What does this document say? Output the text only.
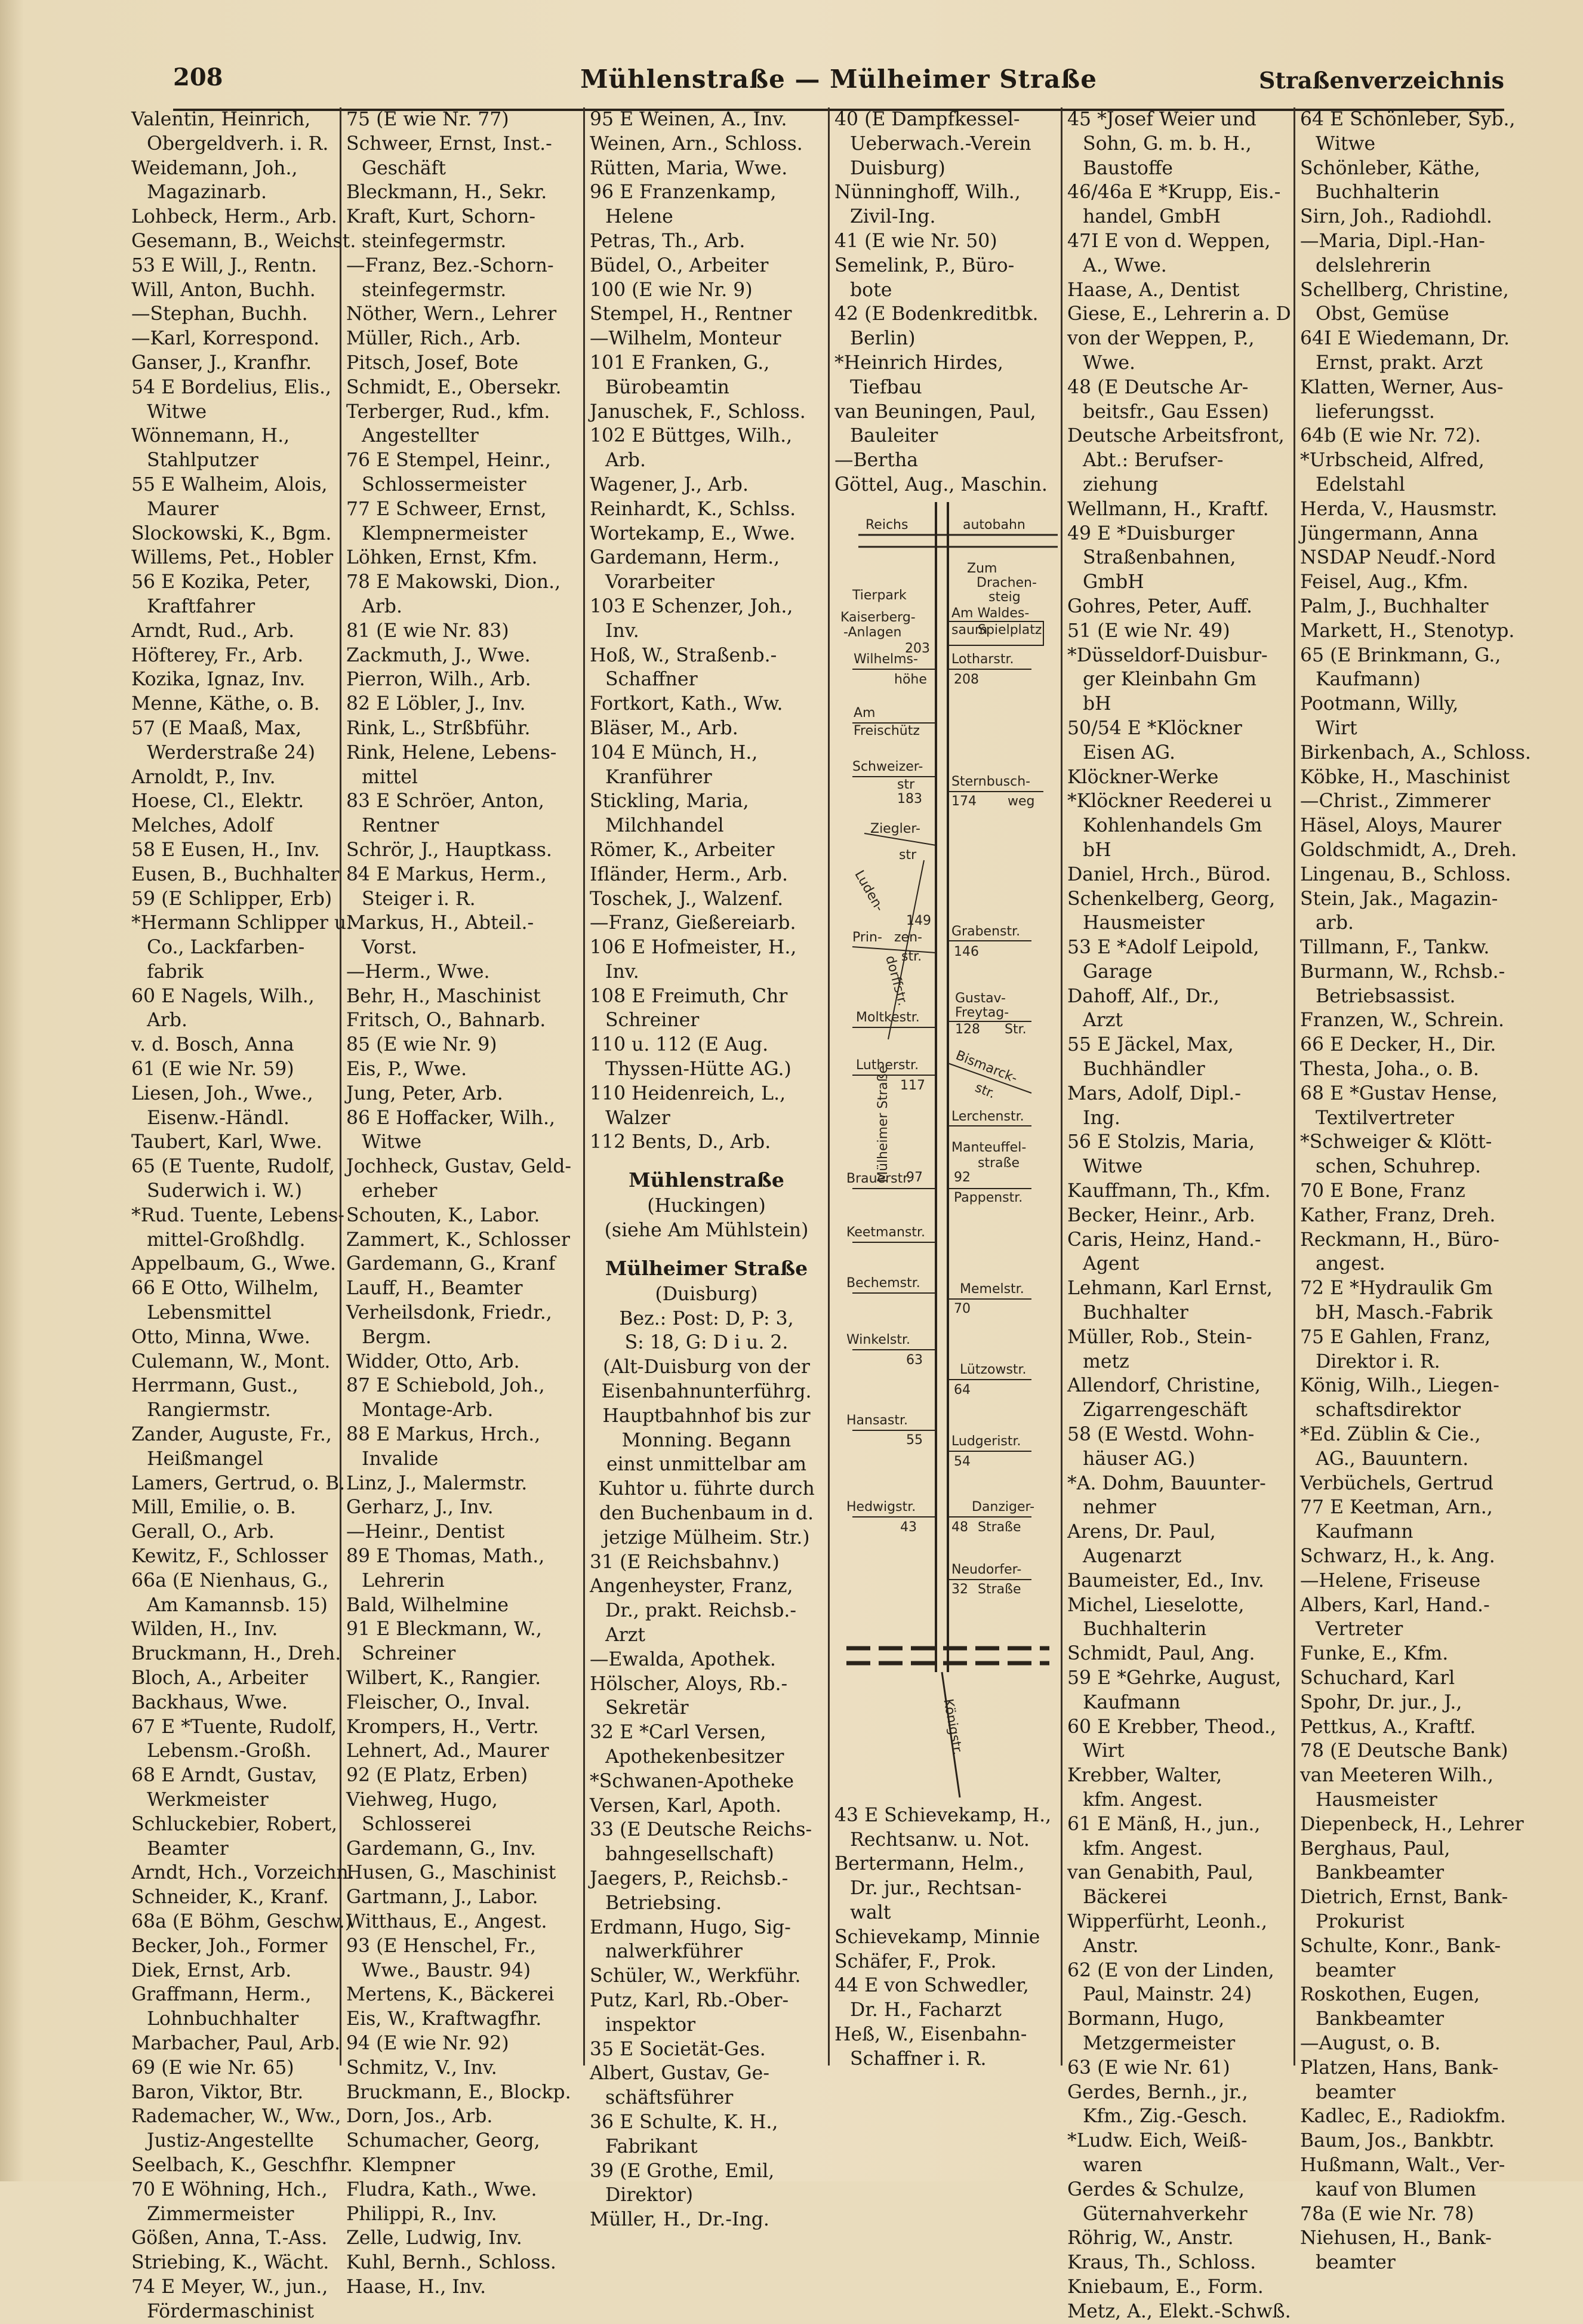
208	Mühlenstraße — Mülheimer Straße	Straßenverzeichnis
Valentin, Heinrich,
Obergeldverh. i. R.
Weidemann, Joh.,
Magazinarb.
Lohbeck, Herm., Arb.
Gesemann, B., Weichst.
53 E Will, J., Rentn.
Will, Anton, Buchh.
—Stephan, Buchh.
—Karl, Korrespond.
Ganser, J., Kranfhr.
54 E Bordelius, Elis.,
Witwe
Wönnemann, H.,
Stahlputzer
55 E Walheim, Alois,
Maurer
Slockowski, K., Bgm.
Willems, Pet., Hobler
56 E Kozika, Peter,
Kraftfahrer
Arndt, Rud., Arb.
Höfterey, Fr., Arb.
Kozika, Ignaz, Inv.
Menne, Käthe, o. B.
57 (E Maaß, Max,
Werderstraße 24)
Arnoldt, P., Inv.
Hoese, Cl., Elektr.
Melches, Adolf
58 E Eusen, H., Inv.
Eusen, B., Buchhalter
59 (E Schlipper, Erb)
*Hermann Schlipper u.
Co., Lackfarben-
fabrik
60 E Nagels, Wilh.,
Arb.
v. d. Bosch, Anna
61 (E wie Nr. 59)
Liesen, Joh., Wwe.,
Eisenw.-Händl.
Taubert, Karl, Wwe.
65 (E Tuente, Rudolf,
Suderwich i. W.)
*Rud. Tuente, Lebens-
mittel-Großhdlg.
Appelbaum, G., Wwe.
66 E Otto, Wilhelm,
Lebensmittel
Otto, Minna, Wwe.
Culemann, W., Mont.
Herrmann, Gust.,
Rangiermstr.
Zander, Auguste, Fr.,
Heißmangel
Lamers, Gertrud, o. B.
Mill, Emilie, o. B.
Gerall, O., Arb.
Kewitz, F., Schlosser
66a (E Nienhaus, G.,
Am Kamannsb. 15)
Wilden, H., Inv.
Bruckmann, H., Dreh.
Bloch, A., Arbeiter
Backhaus, Wwe.
67 E *Tuente, Rudolf,
Lebensm.-Großh.
68 E Arndt, Gustav,
Werkmeister
Schluckebier, Robert,
Beamter
Arndt, Hch., Vorzeichn.
Schneider, K., Kranf.
68a (E Böhm, Geschw.)
Becker, Joh., Former
Diek, Ernst, Arb.
Graffmann, Herm.,
Lohnbuchhalter
Marbacher, Paul, Arb.
69 (E wie Nr. 65)
Baron, Viktor, Btr.
Rademacher, W., Ww.,
Justiz-Angestellte
Seelbach, K., Geschfhr.
70 E Wöhning, Hch.,
Zimmermeister
Gößen, Anna, T.-Ass.
Striebing, K., Wächt.
74 E Meyer, W., jun.,
Fördermaschinist
75 (E wie Nr. 77)
Schweer, Ernst, Inst.-
Geschäft
Bleckmann, H., Sekr.
Kraft, Kurt, Schorn-
steinfegermstr.
—Franz, Bez.-Schorn-
steinfegermstr.
Nöther, Wern., Lehrer
Müller, Rich., Arb.
Pitsch, Josef, Bote
Schmidt, E., Obersekr.
Terberger, Rud., kfm.
Angestellter
76 E Stempel, Heinr.,
Schlossermeister
77 E Schweer, Ernst,
Klempnermeister
Löhken, Ernst, Kfm.
78 E Makowski, Dion.,
Arb.
81 (E wie Nr. 83)
Zackmuth, J., Wwe.
Pierron, Wilh., Arb.
82 E Löbler, J., Inv.
Rink, L., Strßbführ.
Rink, Helene, Lebens-
mittel
83 E Schröer, Anton,
Rentner
Schrör, J., Hauptkass.
84 E Markus, Herm.,
Steiger i. R.
Markus, H., Abteil.-
Vorst.
—Herm., Wwe.
Behr, H., Maschinist
Fritsch, O., Bahnarb.
85 (E wie Nr. 9)
Eis, P., Wwe.
Jung, Peter, Arb.
86 E Hoffacker, Wilh.,
Witwe
Jochheck, Gustav, Geld-
erheber
Schouten, K., Labor.
Zammert, K., Schlosser
Gardemann, G., Kranf
Lauff, H., Beamter
Verheilsdonk, Friedr.,
Bergm.
Widder, Otto, Arb.
87 E Schiebold, Joh.,
Montage-Arb.
88 E Markus, Hrch.,
Invalide
Linz, J., Malermstr.
Gerharz, J., Inv.
—Heinr., Dentist
89 E Thomas, Math.,
Lehrerin
Bald, Wilhelmine
91 E Bleckmann, W.,
Schreiner
Wilbert, K., Rangier.
Fleischer, O., Inval.
Krompers, H., Vertr.
Lehnert, Ad., Maurer
92 (E Platz, Erben)
Viehweg, Hugo,
Schlosserei
Gardemann, G., Inv.
Husen, G., Maschinist
Gartmann, J., Labor.
Witthaus, E., Angest.
93 (E Henschel, Fr.,
Wwe., Baustr. 94)
Mertens, K., Bäckerei
Eis, W., Kraftwagfhr.
94 (E wie Nr. 92)
Schmitz, V., Inv.
Bruckmann, E., Blockp.
Dorn, Jos., Arb.
Schumacher, Georg,
Klempner
Fludra, Kath., Wwe.
Philippi, R., Inv.
Zelle, Ludwig, Inv.
Kuhl, Bernh., Schloss.
Haase, H., Inv.
95 E Weinen, A., Inv.
Weinen, Arn., Schloss.
Rütten, Maria, Wwe.
96 E Franzenkamp,
Helene
Petras, Th., Arb.
Büdel, O., Arbeiter
100 (E wie Nr. 9)
Stempel, H., Rentner
—Wilhelm, Monteur
101 E Franken, G.,
Bürobeamtin
Januschek, F., Schloss.
102 E Büttges, Wilh.,
Arb.
Wagener, J., Arb.
Reinhardt, K., Schlss.
Wortekamp, E., Wwe.
Gardemann, Herm.,
Vorarbeiter
103 E Schenzer, Joh.,
Inv.
Hoß, W., Straßenb.-
Schaffner
Fortkort, Kath., Ww.
Bläser, M., Arb.
104 E Münch, H.,
Kranführer
Stickling, Maria,
Milchhandel
Römer, K., Arbeiter
Ifländer, Herm., Arb.
Toschek, J., Walzenf.
—Franz, Gießereiarb.
106 E Hofmeister, H.,
Inv.
108 E Freimuth, Chr
Schreiner
110 u. 112 (E Aug.
Thyssen-Hütte AG.)
110 Heidenreich, L.,
Walzer
112 Bents, D., Arb.
Mühlenstraße
(Huckingen)
(siehe Am Mühlstein)
Mülheimer Straße
(Duisburg)
Bez.: Post: D, P: 3,
S: 18, G: D i u. 2.
(Alt-Duisburg von der
Eisenbahnunterführg.
Hauptbahnhof bis zur
Monning. Begann
einst unmittelbar am
Kuhtor u. führte durch
den Buchenbaum in d.
jetzige Mülheim. Str.)
31 (E Reichsbahnv.)
Angenheyster, Franz,
Dr., prakt. Reichsb.-
Arzt
—Ewalda, Apothek.
Hölscher, Aloys, Rb.-
Sekretär
32 E *Carl Versen,
Apothekenbesitzer
*Schwanen-Apotheke
Versen, Karl, Apoth.
33 (E Deutsche Reichs-
bahngesellschaft)
Jaegers, P., Reichsb.-
Betriebsing.
Erdmann, Hugo, Sig-
nalwerkführer
Schüler, W., Werkführ.
Putz, Karl, Rb.-Ober-
inspektor
35 E Societät-Ges.
Albert, Gustav, Ge-
schäftsführer
36 E Schulte, K. H.,
Fabrikant
39 (E Grothe, Emil,
Direktor)
Müller, H., Dr.-Ing.
40 (E Dampfkessel-
Ueberwach.-Verein
Duisburg)
Nünninghoff, Wilh.,
Zivil-Ing.
41 (E wie Nr. 50)
Semelink, P., Büro-
bote
42 (E Bodenkreditbk.
Berlin)
*Heinrich Hirdes,
Tiefbau
van Beuningen, Paul,
Bauleiter
—Bertha
Göttel, Aug., Maschin.
Reichs	autobahn
Tierpark
Kaiserberg-
-Anlagen
203
Zum
Drachen-
steig
Am Waldes-
saum
Spielplatz
Wilhelms-
höhe
Lotharstr.
208
Am
Freischütz
Schweizer-
str
183
Sternbusch-
174 weg
Ziegler-
str
Luden-
dorffstr.
Prin- zen-
str.
149
Grabenstr.
146
Gustav-
Freytag-
128 Str.
Moltkestr.
Lutherstr.
117 Bismarck-
str.
Lerchenstr.
Manteuffel-
straße
97 92
Brauerstr.
Pappenstr.
Mülheimer Straße
Keetmanstr.
Bechemstr.	Memelstr.
70
Winkelstr.
63
Lützowstr.
64
Hansastr.
55 Ludgeristr.
54
Hedwigstr.
43
Danziger-
48 Straße
Neudorfer-
32 Straße
Königstr.
43 E Schievekamp, H.,
Rechtsanw. u. Not.
Bertermann, Helm.,
Dr. jur., Rechtsan-
walt
Schievekamp, Minnie
Schäfer, F., Prok.
44 E von Schwedler,
Dr. H., Facharzt
Heß, W., Eisenbahn-
Schaffner i. R.
45 *Josef Weier und
Sohn, G. m. b. H.,
Baustoffe
46/46a E *Krupp, Eis.-
handel, GmbH
47I E von d. Weppen,
A., Wwe.
Haase, A., Dentist
Giese, E., Lehrerin a. D
von der Weppen, P.,
Wwe.
48 (E Deutsche Ar-
beitsfr., Gau Essen)
Deutsche Arbeitsfront,
Abt.: Berufser-
ziehung
Wellmann, H., Kraftf.
49 E *Duisburger
Straßenbahnen,
GmbH
Gohres, Peter, Auff.
51 (E wie Nr. 49)
*Düsseldorf-Duisbur-
ger Kleinbahn Gm
bH
50/54 E *Klöckner
Eisen AG.
Klöckner-Werke
*Klöckner Reederei u
Kohlenhandels Gm
bH
Daniel, Hrch., Bürod.
Schenkelberg, Georg,
Hausmeister
53 E *Adolf Leipold,
Garage
Dahoff, Alf., Dr.,
Arzt
55 E Jäckel, Max,
Buchhändler
Mars, Adolf, Dipl.-
Ing.
56 E Stolzis, Maria,
Witwe
Kauffmann, Th., Kfm.
Becker, Heinr., Arb.
Caris, Heinz, Hand.-
Agent
Lehmann, Karl Ernst,
Buchhalter
Müller, Rob., Stein-
metz
Allendorf, Christine,
Zigarrengeschäft
58 (E Westd. Wohn-
häuser AG.)
*A. Dohm, Bauunter-
nehmer
Arens, Dr. Paul,
Augenarzt
Baumeister, Ed., Inv.
Michel, Lieselotte,
Buchhalterin
Schmidt, Paul, Ang.
59 E *Gehrke, August,
Kaufmann
60 E Krebber, Theod.,
Wirt
Krebber, Walter,
kfm. Angest.
61 E Mänß, H., jun.,
kfm. Angest.
van Genabith, Paul,
Bäckerei
Wipperfürht, Leonh.,
Anstr.
62 (E von der Linden,
Paul, Mainstr. 24)
Bormann, Hugo,
Metzgermeister
63 (E wie Nr. 61)
Gerdes, Bernh., jr.,
Kfm., Zig.-Gesch.
*Ludw. Eich, Weiß-
waren
Gerdes & Schulze,
Güternahverkehr
Röhrig, W., Anstr.
Kraus, Th., Schloss.
Kniebaum, E., Form.
Metz, A., Elekt.-Schwß.
64 E Schönleber, Syb.,
Witwe
Schönleber, Käthe,
Buchhalterin
Sirn, Joh., Radiohdl.
—Maria, Dipl.-Han-
delslehrerin
Schellberg, Christine,
Obst, Gemüse
64I E Wiedemann, Dr.
Ernst, prakt. Arzt
Klatten, Werner, Aus-
lieferungsst.
64b (E wie Nr. 72).
*Urbscheid, Alfred,
Edelstahl
Herda, V., Hausmstr.
Jüngermann, Anna
NSDAP Neudf.-Nord
Feisel, Aug., Kfm.
Palm, J., Buchhalter
Markett, H., Stenotyp.
65 (E Brinkmann, G.,
Kaufmann)
Pootmann, Willy,
Wirt
Birkenbach, A., Schloss.
Köbke, H., Maschinist
—Christ., Zimmerer
Häsel, Aloys, Maurer
Goldschmidt, A., Dreh.
Lingenau, B., Schloss.
Stein, Jak., Magazin-
arb.
Tillmann, F., Tankw.
Burmann, W., Rchsb.-
Betriebsassist.
Franzen, W., Schrein.
66 E Decker, H., Dir.
Thesta, Joha., o. B.
68 E *Gustav Hense,
Textilvertreter
*Schweiger & Klött-
schen, Schuhrep.
70 E Bone, Franz
Kather, Franz, Dreh.
Reckmann, H., Büro-
angest.
72 E *Hydraulik Gm
bH, Masch.-Fabrik
75 E Gahlen, Franz,
Direktor i. R.
König, Wilh., Liegen-
schaftsdirektor
*Ed. Züblin & Cie.,
AG., Bauuntern.
Verbüchels, Gertrud
77 E Keetman, Arn.,
Kaufmann
Schwarz, H., k. Ang.
—Helene, Friseuse
Albers, Karl, Hand.-
Vertreter
Funke, E., Kfm.
Schuchard, Karl
Spohr, Dr. jur., J.,
Pettkus, A., Kraftf.
78 (E Deutsche Bank)
van Meeteren Wilh.,
Hausmeister
Diepenbeck, H., Lehrer
Berghaus, Paul,
Bankbeamter
Dietrich, Ernst, Bank-
Prokurist
Schulte, Konr., Bank-
beamter
Roskothen, Eugen,
Bankbeamter
—August, o. B.
Platzen, Hans, Bank-
beamter
Kadlec, E., Radiokfm.
Baum, Jos., Bankbtr.
Hußmann, Walt., Ver-
kauf von Blumen
78a (E wie Nr. 78)
Niehusen, H., Bank-
beamter
